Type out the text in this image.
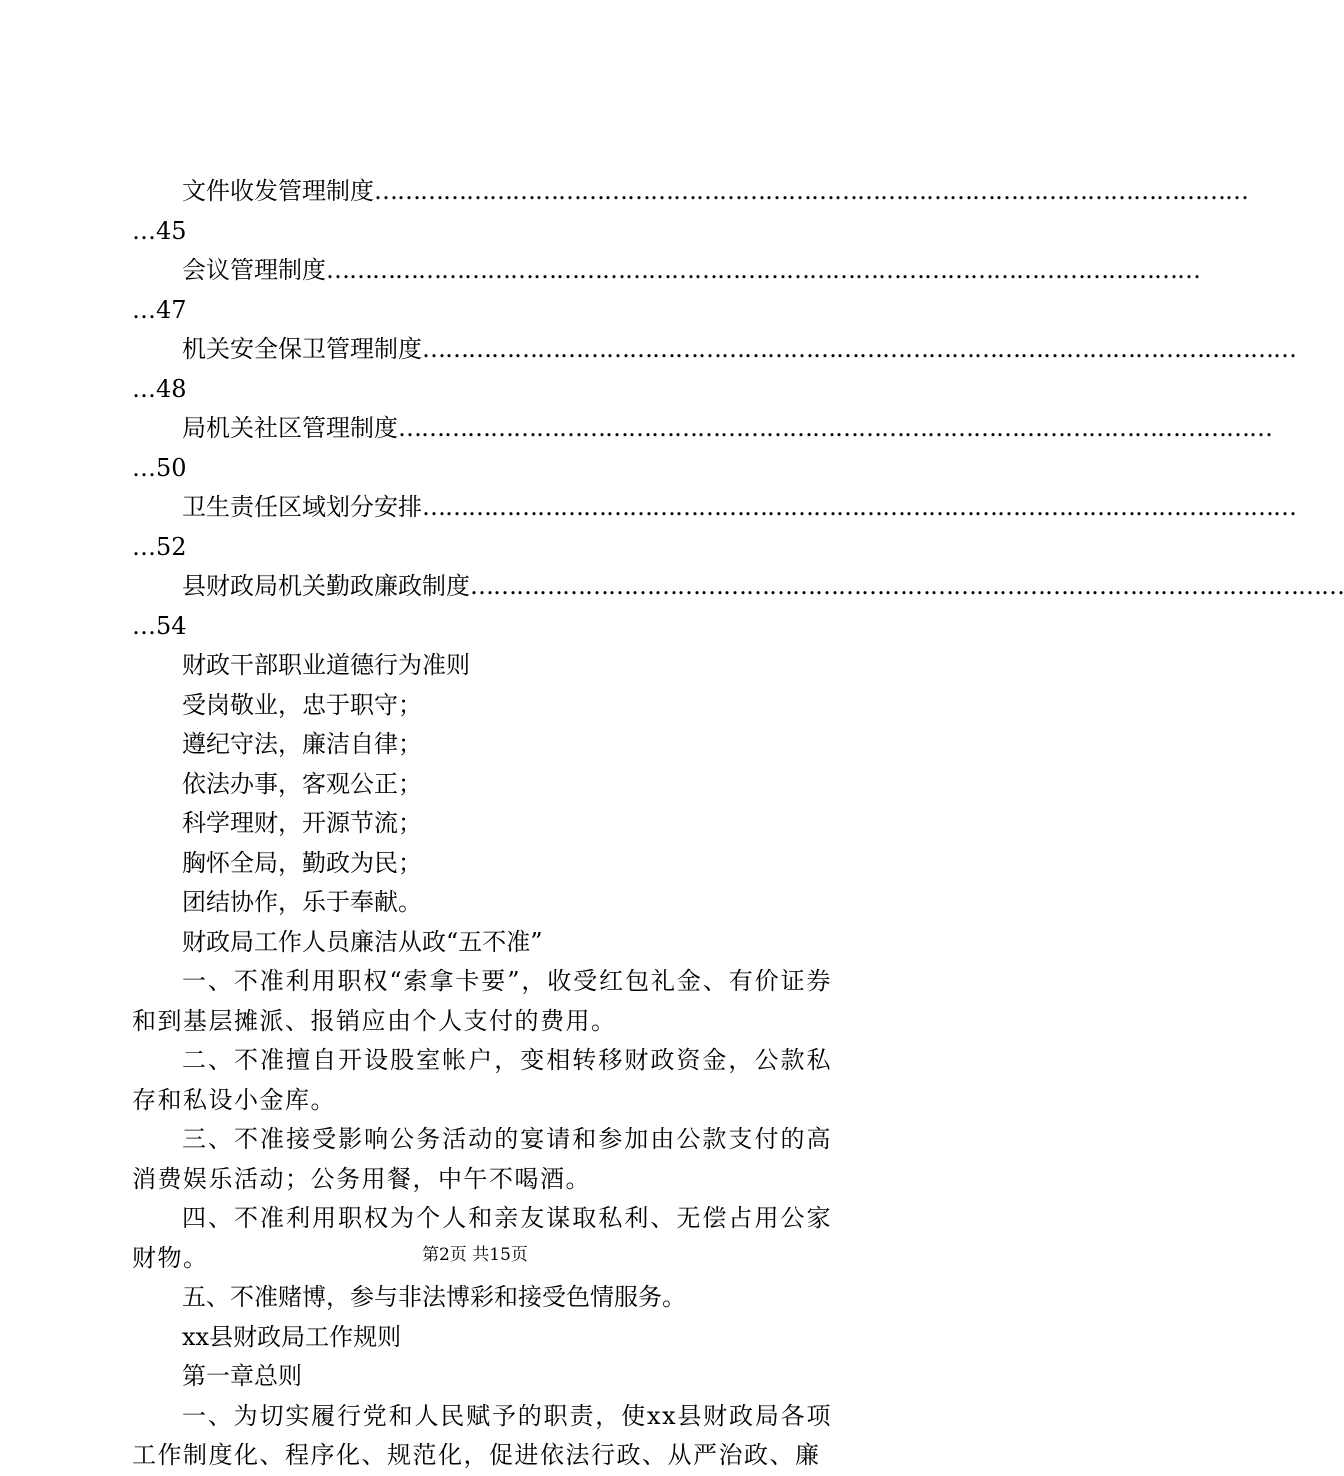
文件收发管理制度 ……………………………………………………………………………………………………
…45
会议管理制度 ……………………………………………………………………………………………………
…47
机关安全保卫管理制度 ……………………………………………………………………………………………………
…48
局机关社区管理制度 ……………………………………………………………………………………………………
…50
卫生责任区域划分安排 ……………………………………………………………………………………………………
…52
县财政局机关勤政廉政制度 ……………………………………………………………………………………………………
…54
财政干部职业道德行为准则
受岗敬业，忠于职守；
遵纪守法，廉洁自律；
依法办事，客观公正；
科学理财，开源节流；
胸怀全局，勤政为民；
团结协作，乐于奉献。
财政局工作人员廉洁从政“五不准”
一、不准利用职权“索拿卡要”，收受红包礼金、有价证券和到基层摊派、报销应由个人支付的费用。
二、不准擅自开设股室帐户，变相转移财政资金，公款私存和私设小金库。
三、不准接受影响公务活动的宴请和参加由公款支付的高消费娱乐活动；公务用餐，中午不喝酒。
四、不准利用职权为个人和亲友谋取私利、无偿占用公家财物。
五、不准赌博，参与非法博彩和接受色情服务。
xx县财政局工作规则
第一章总则
一、为切实履行党和人民赋予的职责，使xx县财政局各项工作制度化、程序化、规范化，促进依法行政、从严治政、廉
第2页 共15页
